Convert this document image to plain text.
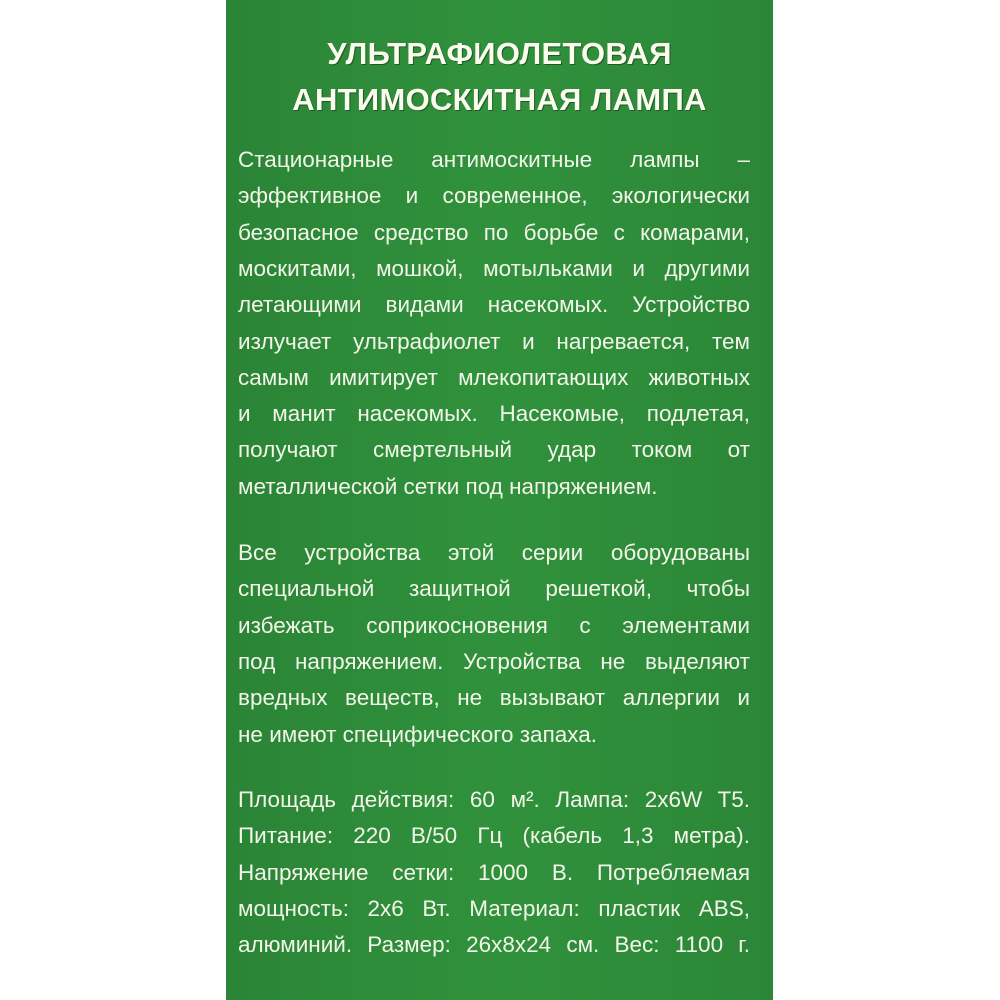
УЛЬТРАФИОЛЕТОВАЯ
АНТИМОСКИТНАЯ ЛАМПА
Стационарные антимоскитные лампы –
эффективное и современное, экологически
безопасное средство по борьбе с комарами,
москитами, мошкой, мотыльками и другими
летающими видами насекомых. Устройство
излучает ультрафиолет и нагревается, тем
самым имитирует млекопитающих животных
и манит насекомых. Насекомые, подлетая,
получают смертельный удар током от
металлической сетки под напряжением.
Все устройства этой серии оборудованы
специальной защитной решеткой, чтобы
избежать соприкосновения с элементами
под напряжением. Устройства не выделяют
вредных веществ, не вызывают аллергии и
не имеют специфического запаха.
Площадь действия: 60 м². Лампа: 2x6W T5.
Питание: 220 В/50 Гц (кабель 1,3 метра).
Напряжение сетки: 1000 В. Потребляемая
мощность: 2x6 Вт. Материал: пластик ABS,
алюминий. Размер: 26x8x24 см. Вес: 1100 г.
